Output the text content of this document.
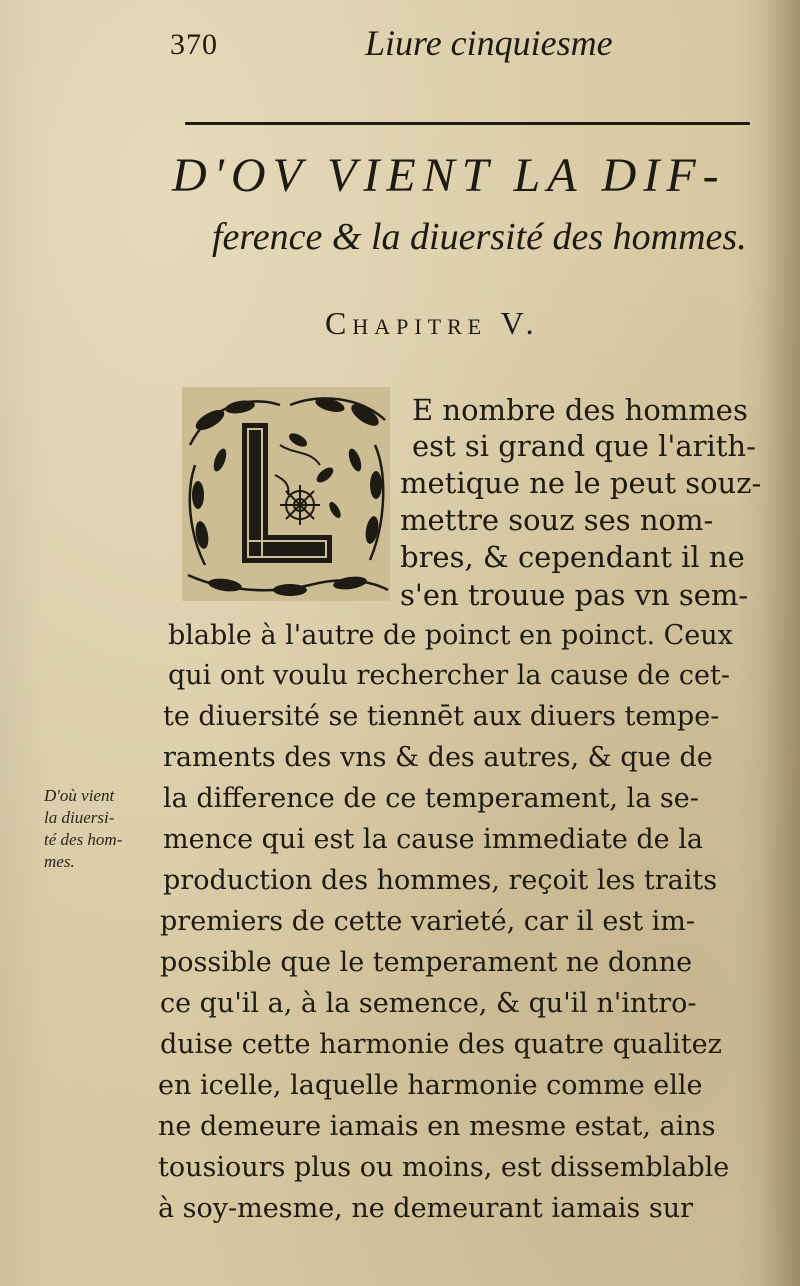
370	Liure cinquiesme
D'OV VIENT LA DIF-
ference & la diuersité des hommes.
Chapitre V.
E nombre des hommes
est si grand que l'arith-
metique ne le peut souz-
mettre souz ses nom-
bres, & cependant il ne
s'en trouue pas vn sem-
blable à l'autre de poinct en poinct. Ceux
qui ont voulu rechercher la cause de cet-
te diuersité se tiennēt aux diuers tempe-
raments des vns & des autres, & que de
la difference de ce temperament, la se-
mence qui est la cause immediate de la
production des hommes, reçoit les traits
premiers de cette varieté, car il est im-
possible que le temperament ne donne
ce qu'il a, à la semence, & qu'il n'intro-
duise cette harmonie des quatre qualitez
en icelle, laquelle harmonie comme elle
ne demeure iamais en mesme estat, ains
tousiours plus ou moins, est dissemblable
à soy-mesme, ne demeurant iamais sur
D'où vient
la diuersi-
té des hom-
mes.
